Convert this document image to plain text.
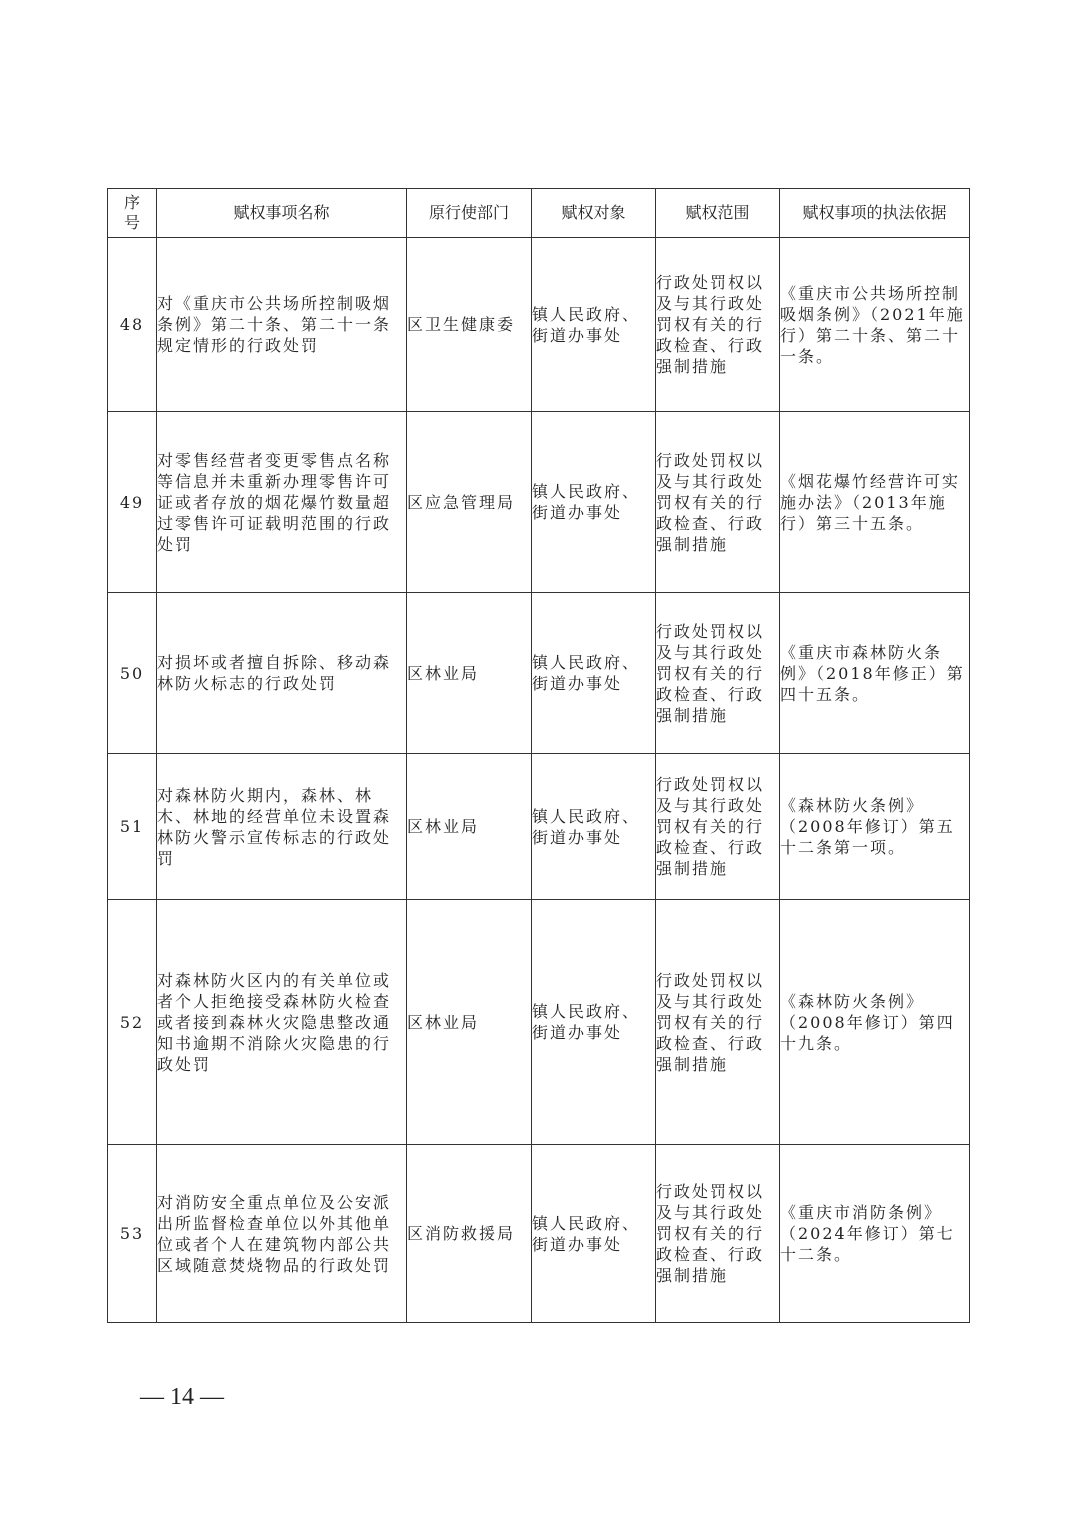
序号	赋权事项名称	原行使部门	赋权对象	赋权范围	赋权事项的执法依据
48	对《重庆市公共场所控制吸烟条例》第二十条、第二十一条规定情形的行政处罚	区卫生健康委	镇人民政府、街道办事处	行政处罚权以及与其行政处罚权有关的行政检查、行政强制措施	《重庆市公共场所控制吸烟条例》（2021年施行）第二十条、第二十一条。
49	对零售经营者变更零售点名称等信息并未重新办理零售许可证或者存放的烟花爆竹数量超过零售许可证载明范围的行政处罚	区应急管理局	镇人民政府、街道办事处	行政处罚权以及与其行政处罚权有关的行政检查、行政强制措施	《烟花爆竹经营许可实施办法》（2013年施行）第三十五条。
50	对损坏或者擅自拆除、移动森林防火标志的行政处罚	区林业局	镇人民政府、街道办事处	行政处罚权以及与其行政处罚权有关的行政检查、行政强制措施	《重庆市森林防火条例》（2018年修正）第四十五条。
51	对森林防火期内，森林、林木、林地的经营单位未设置森林防火警示宣传标志的行政处罚	区林业局	镇人民政府、街道办事处	行政处罚权以及与其行政处罚权有关的行政检查、行政强制措施	《森林防火条例》（2008年修订）第五十二条第一项。
52	对森林防火区内的有关单位或者个人拒绝接受森林防火检查或者接到森林火灾隐患整改通知书逾期不消除火灾隐患的行政处罚	区林业局	镇人民政府、街道办事处	行政处罚权以及与其行政处罚权有关的行政检查、行政强制措施	《森林防火条例》（2008年修订）第四十九条。
53	对消防安全重点单位及公安派出所监督检查单位以外其他单位或者个人在建筑物内部公共区域随意焚烧物品的行政处罚	区消防救援局	镇人民政府、街道办事处	行政处罚权以及与其行政处罚权有关的行政检查、行政强制措施	《重庆市消防条例》（2024年修订）第七十二条。
— 14 —
